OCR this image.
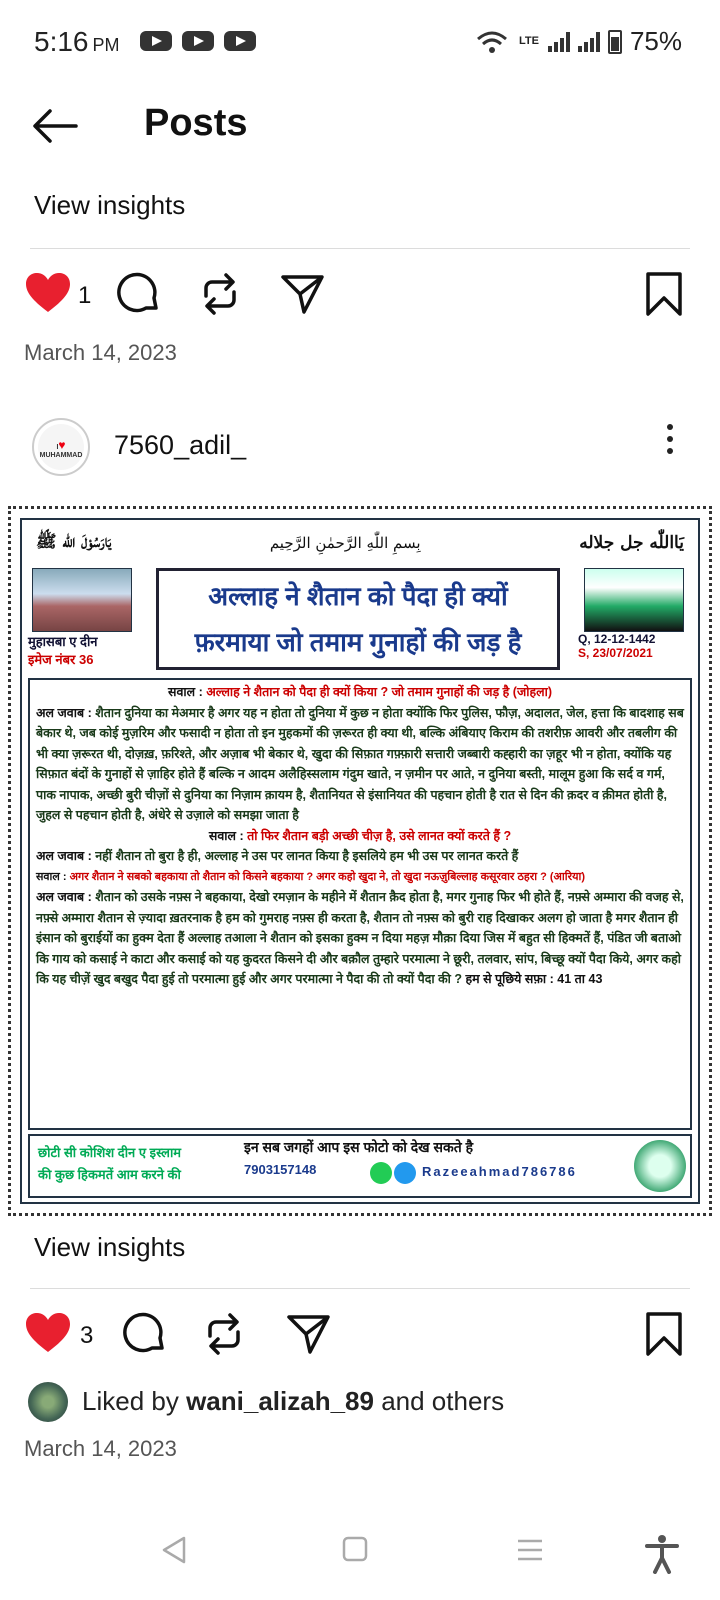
5:16 PM	LTE	75%
Posts
View insights
1
March 14, 2023
I♥
MUHAMMAD 7560_adil_
يَارَسُوْلَ اللّٰه ﷺ	بِسمِ اللّٰهِ الرَّحمٰنِ الرَّحِيم	يَااللّٰه جل جلاله
मुहासबा ए दीन
इमेज नंबर 36
अल्लाह ने शैतान को पैदा ही क्यों
फ़रमाया जो तमाम गुनाहों की जड़ है	Q, 12-12-1442
S, 23/07/2021
सवाल : अल्लाह ने शैतान को पैदा ही क्यों किया ? जो तमाम गुनाहों की जड़ है (जोहला)
अल जवाब : शैतान दुनिया का मेअमार है अगर यह न होता तो दुनिया में कुछ न होता क्योंकि फिर पुलिस, फौज़, अदालत, जेल, हत्ता कि बादशाह सब बेकार थे, जब कोई मुज़रिम और फसादी न होता तो इन मुहकमों की ज़रूरत ही क्या थी, बल्कि अंबियाए किराम की तशरीफ़ आवरी और तबलीग की भी क्या ज़रूरत थी, दोज़ख़, फ़रिश्ते, और अज़ाब भी बेकार थे, खुदा की सिफ़ात गफ़्फ़ारी सत्तारी जब्बारी कह्हारी का ज़हूर भी न होता, क्योंकि यह सिफ़ात बंदों के गुनाहों से ज़ाहिर होते हैं बल्कि न आदम अलैहिस्सलाम गंदुम खाते, न ज़मीन पर आते, न दुनिया बस्ती, मालूम हुआ कि सर्द व गर्म, पाक नापाक, अच्छी बुरी चीज़ों से दुनिया का निज़ाम क़ायम है, शैतानियत से इंसानियत की पहचान होती है रात से दिन की क़दर व क़ीमत होती है, जुहल से पहचान होती है, अंधेरे से उज़ाले को समझा जाता है
सवाल : तो फिर शैतान बड़ी अच्छी चीज़ है, उसे लानत क्यों करते हैं ?
अल जवाब : नहीं शैतान तो बुरा है ही, अल्लाह ने उस पर लानत किया है इसलिये हम भी उस पर लानत करते हैं
सवाल : अगर शैतान ने सबको बहकाया तो शैतान को किसने बहकाया ? अगर कहो खुदा ने, तो खुदा नऊज़ुबिल्लाह कसूरवार ठहरा ? (आरिया)
अल जवाब : शैतान को उसके नफ़्स ने बहकाया, देखो रमज़ान के महीने में शैतान क़ैद होता है, मगर गुनाह फिर भी होते हैं, नफ़्से अम्मारा की वजह से, नफ़्से अम्मारा शैतान से ज़्यादा ख़तरनाक है हम को गुमराह नफ़्स ही करता है, शैतान तो नफ़्स को बुरी राह दिखाकर अलग हो जाता है मगर शैतान ही इंसान को बुराईयों का हुक्म देता हैं अल्लाह तआला ने शैतान को इसका हुक्म न दिया महज़ मौक़ा दिया जिस में बहुत सी हिक्मतें हैं, पंडित जी बताओ कि गाय को कसाई ने काटा और कसाई को यह कुदरत किसने दी और बक़ौल तुम्हारे परमात्मा ने छूरी, तलवार, सांप, बिच्छू क्यों पैदा किये, अगर कहो कि यह चीज़ें खुद बखुद पैदा हुई तो परमात्मा हुई और अगर परमात्मा ने पैदा की तो क्यों पैदा की ? हम से पूछिये सफ़ा : 41 ता 43
छोटी सी कोशिश दीन ए इस्लाम
की कुछ हिकमतें आम करने की
इन सब जगहों आप इस फोटो को देख सकते है
7903157148	Razeeahmad786786
View insights
3
Liked by wani_alizah_89 and others
March 14, 2023
